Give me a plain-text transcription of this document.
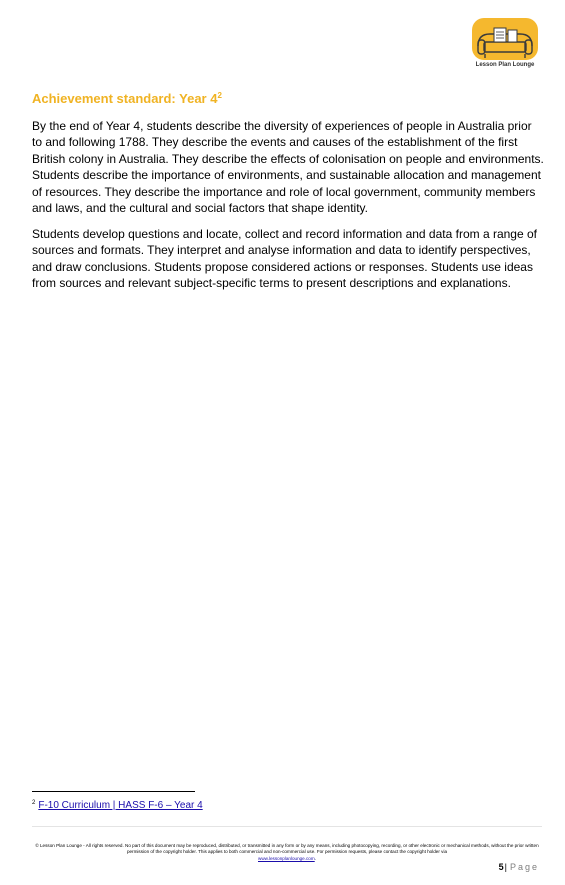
Lesson Plan Lounge
Achievement standard: Year $4^2$

By the end of Year 4, students describe the diversity of experiences of people in Australia prior to and following 1788. They describe the events and causes of the establishment of the first British colony in Australia. They describe the effects of colonisation on people and environments. Students describe the importance of environments, and sustainable allocation and management of resources. They describe the importance and role of local government, community members and laws, and the cultural and social factors that shape identity.

Students develop questions and locate, collect and record information and data from a range of sources and formats. They interpret and analyse information and data to identify perspectives, and draw conclusions. Students propose considered actions or responses. Students use ideas from sources and relevant subject-specific terms to present descriptions and explanations.

$^2$ F-10 Curriculum | HASS F-6 – Year 4

© Lesson Plan Lounge - All rights reserved. No part of this document may be reproduced, distributed, or transmitted in any form or by any means, including photocopying, recording, or other electronic or mechanical methods, without the prior written permission of the copyright holder. This applies to both commercial and non-commercial use. For permission requests, please contact the copyright holder via
www.lessonplanlounge.com.

5| Page
